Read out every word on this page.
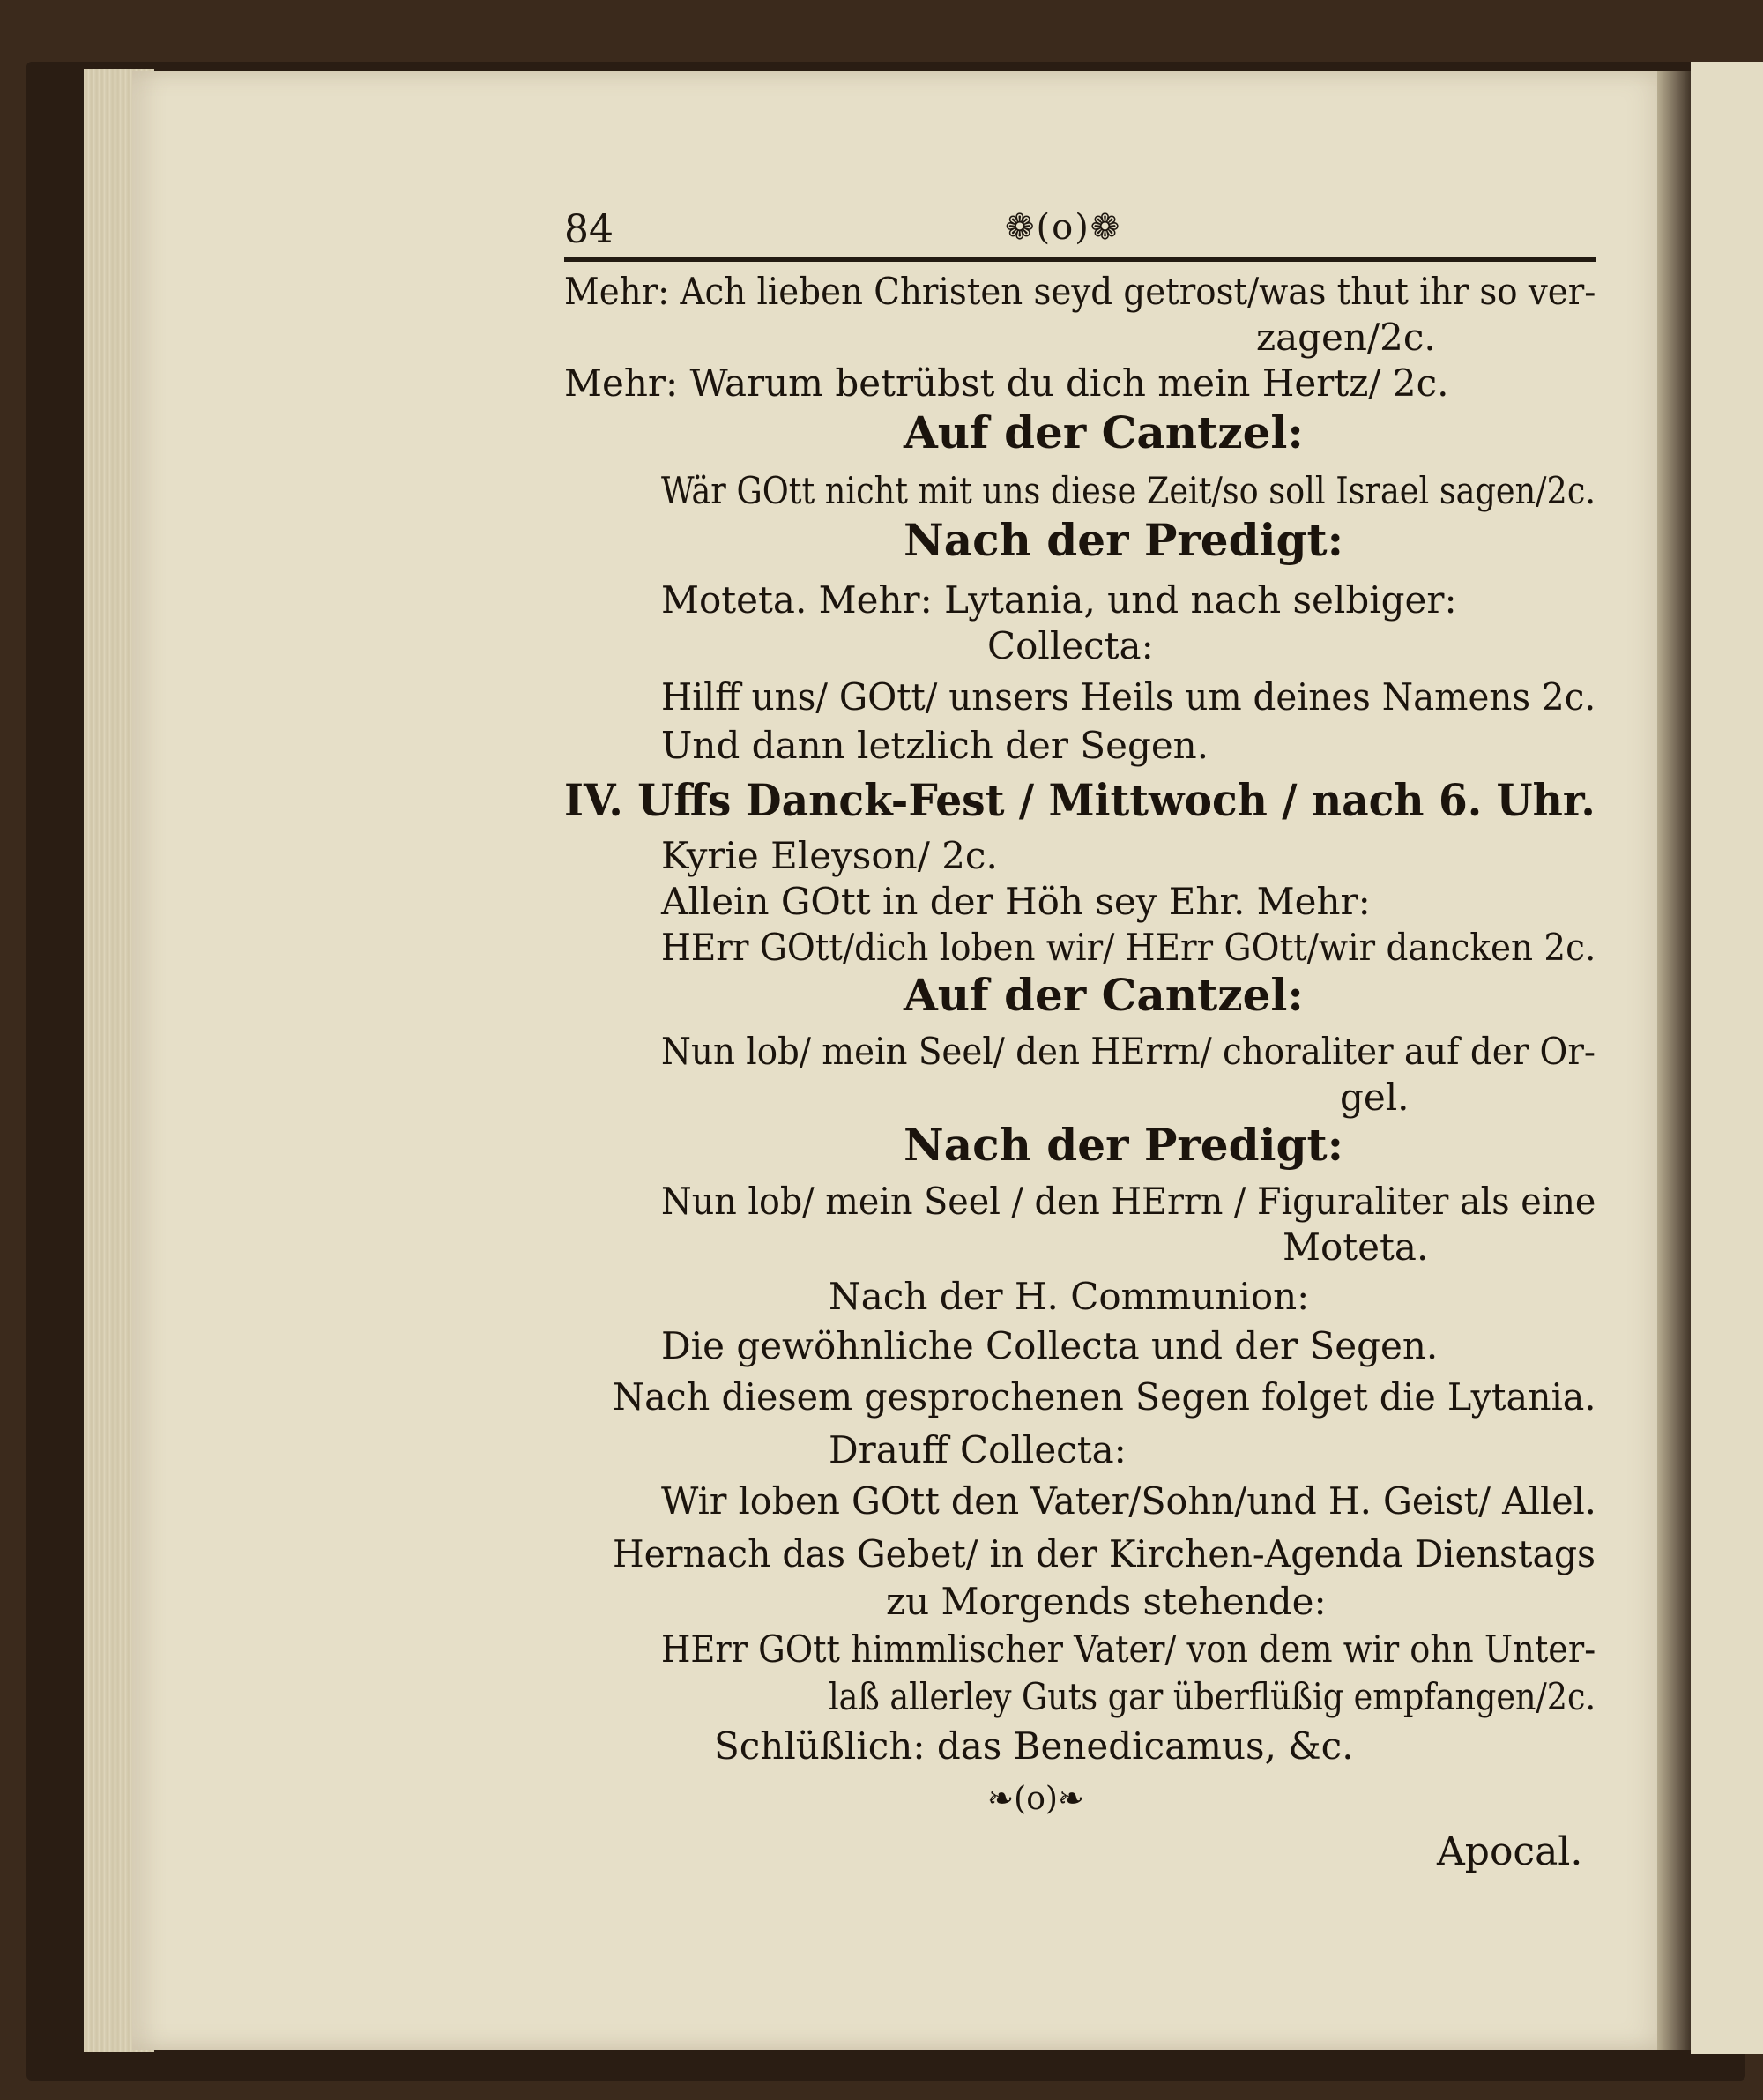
84	❁(o)❁
Mehr: Ach lieben Christen seyd getrost/was thut ihr so ver-
zagen/2c.
Mehr: Warum betrübst du dich mein Hertz/ 2c.
Auf der Cantzel:
Wär GOtt nicht mit uns diese Zeit/so soll Israel sagen/2c.
Nach der Predigt:
Moteta. Mehr: Lytania, und nach selbiger:
Collecta:
Hilff uns/ GOtt/ unsers Heils um deines Namens 2c.
Und dann letzlich der Segen.
IV. Uffs Danck-Fest / Mittwoch / nach 6. Uhr.
Kyrie Eleyson/ 2c.
Allein GOtt in der Höh sey Ehr. Mehr:
HErr GOtt/dich loben wir/ HErr GOtt/wir dancken 2c.
Auf der Cantzel:
Nun lob/ mein Seel/ den HErrn/ choraliter auf der Or-
gel.
Nach der Predigt:
Nun lob/ mein Seel / den HErrn / Figuraliter als eine
Moteta.
Nach der H. Communion:
Die gewöhnliche Collecta und der Segen.
Nach diesem gesprochenen Segen folget die Lytania.
Drauff Collecta:
Wir loben GOtt den Vater/Sohn/und H. Geist/ Allel.
Hernach das Gebet/ in der Kirchen-Agenda Dienstags
zu Morgends stehende:
HErr GOtt himmlischer Vater/ von dem wir ohn Unter-
laß allerley Guts gar überflüßig empfangen/2c.
Schlüßlich: das Benedicamus, &c.
❧(o)❧
Apocal.
